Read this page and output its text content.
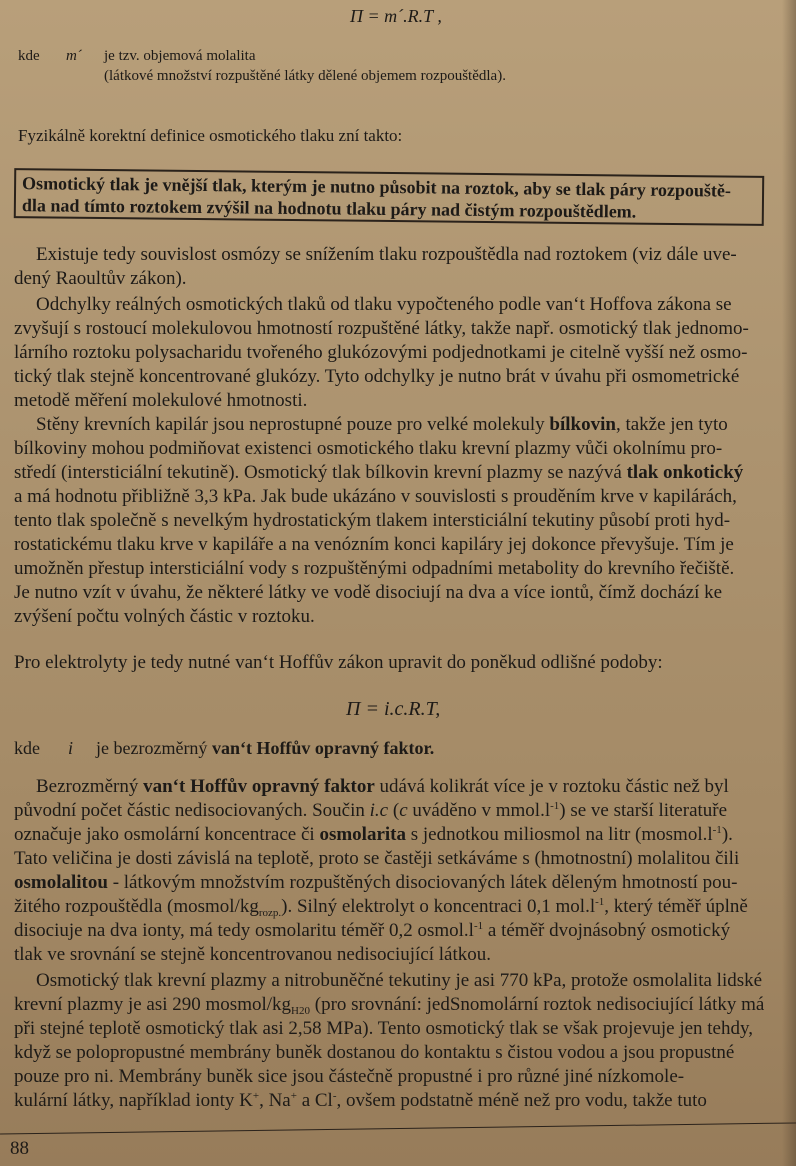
Π = m´.R.T ,
kde m´ je tzv. objemová molalita
(látkové množství rozpuštěné látky dělené objemem rozpouštědla).
Fyzikálně korektní definice osmotického tlaku zní takto:
Osmotický tlak je vnější tlak, kterým je nutno působit na roztok, aby se tlak páry rozpouště-
dla nad tímto roztokem zvýšil na hodnotu tlaku páry nad čistým rozpouštědlem.
Existuje tedy souvislost osmózy se snížením tlaku rozpouštědla nad roztokem (viz dále uve-
dený Raoultův zákon).
Odchylky reálných osmotických tlaků od tlaku vypočteného podle van‘t Hoffova zákona se
zvyšují s rostoucí molekulovou hmotností rozpuštěné látky, takže např. osmotický tlak jednomo-
lárního roztoku polysacharidu tvořeného glukózovými podjednotkami je citelně vyšší než osmo-
tický tlak stejně koncentrované glukózy. Tyto odchylky je nutno brát v úvahu při osmometrické
metodě měření molekulové hmotnosti.
Stěny krevních kapilár jsou neprostupné pouze pro velké molekuly bílkovin, takže jen tyto
bílkoviny mohou podmiňovat existenci osmotického tlaku krevní plazmy vůči okolnímu pro-
středí (intersticiální tekutině). Osmotický tlak bílkovin krevní plazmy se nazývá tlak onkotický
a má hodnotu přibližně 3,3 kPa. Jak bude ukázáno v souvislosti s prouděním krve v kapilárách,
tento tlak společně s nevelkým hydrostatickým tlakem intersticiální tekutiny působí proti hyd-
rostatickému tlaku krve v kapiláře a na venózním konci kapiláry jej dokonce převyšuje. Tím je
umožněn přestup intersticiální vody s rozpuštěnými odpadními metabolity do krevního řečiště.
Je nutno vzít v úvahu, že některé látky ve vodě disociují na dva a více iontů, čímž dochází ke
zvýšení počtu volných částic v roztoku.
Pro elektrolyty je tedy nutné van‘t Hoffův zákon upravit do poněkud odlišné podoby:
Π = i.c.R.T,
kde i je bezrozměrný van‘t Hoffův opravný faktor.
Bezrozměrný van‘t Hoffův opravný faktor udává kolikrát více je v roztoku částic než byl
původní počet částic nedisociovaných. Součin i.c (c uváděno v $mmol.l^{-1}$) se ve starší literatuře
označuje jako osmolární koncentrace či osmolarita s jednotkou miliosmol na litr $(mosmol.l^{-1})$.
Tato veličina je dosti závislá na teplotě, proto se častěji setkáváme s (hmotnostní) molalitou čili
osmolalitou - látkovým množstvím rozpuštěných disociovaných látek děleným hmotností pou-
žitého rozpouštědla $(mosmol/kg_{rozp.})$. Silný elektrolyt o koncentraci 0,1 $mol.l^{-1}$, který téměř úplně
disociuje na dva ionty, má tedy osmolaritu téměř 0,2 $osmol.l^{-1}$ a téměř dvojnásobný osmotický
tlak ve srovnání se stejně koncentrovanou nedisociující látkou.
Osmotický tlak krevní plazmy a nitrobuněčné tekutiny je asi 770 kPa, protože osmolalita lidské
krevní plazmy je asi 290 mosmol/$kg_{H20}$ (pro srovnání: jedSnomolární roztok nedisociující látky má
při stejné teplotě osmotický tlak asi 2,58 MPa). Tento osmotický tlak se však projevuje jen tehdy,
když se polopropustné membrány buněk dostanou do kontaktu s čistou vodou a jsou propustné
pouze pro ni. Membrány buněk sice jsou částečně propustné i pro různé jiné nízkomole-
kulární látky, například ionty K+, Na+ a Cl-, ovšem podstatně méně než pro vodu, takže tuto
88
